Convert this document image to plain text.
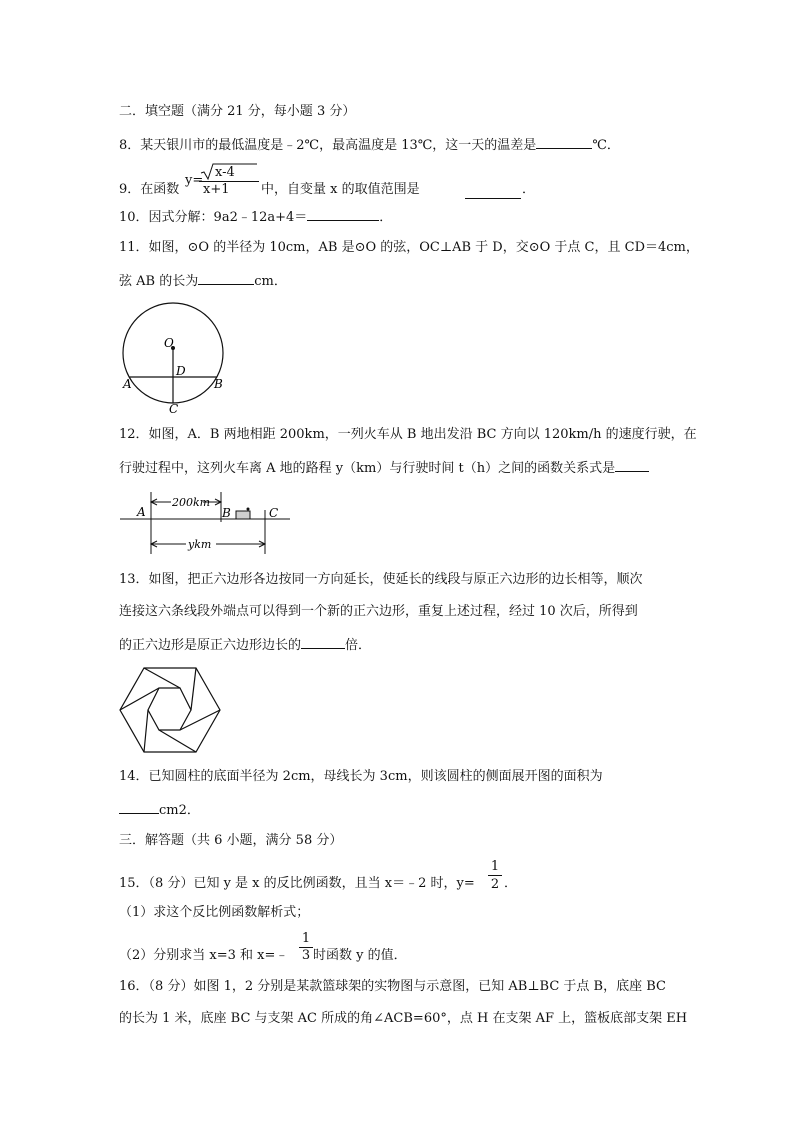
二．填空题（满分 21 分，每小题 3 分）
8．某天银川市的最低温度是﹣2℃，最高温度是 13℃，这一天的温差是	℃．
9．在函数
y=
x-4
x+1 中，自变量 x 的取值范围是	．
10．因式分解：9a2﹣12a+4＝	．
11．如图，⊙O 的半径为 10cm，AB 是⊙O 的弦，OC⊥AB 于 D，交⊙O 于点 C，且 CD＝4cm，
弦 AB 的长为	cm．
O
D
A	B
C
12．如图，A．B 两地相距 200km，一列火车从 B 地出发沿 BC 方向以 120km/h 的速度行驶，在
行驶过程中，这列火车离 A 地的路程 y（km）与行驶时间 t（h）之间的函数关系式是
200km
ykm
A	B	C
13．如图，把正六边形各边按同一方向延长，使延长的线段与原正六边形的边长相等，顺次
连接这六条线段外端点可以得到一个新的正六边形，重复上述过程，经过 10 次后，所得到
的正六边形是原正六边形边长的	倍．
14．已知圆柱的底面半径为 2cm，母线长为 3cm，则该圆柱的侧面展开图的面积为
cm2．
三．解答题（共 6 小题，满分 58 分）
15．（8 分）已知 y 是 x 的反比例函数，且当 x＝﹣2 时，y=
1
2 ．
（1）求这个反比例函数解析式；
（2）分别求当 x=3 和 x=﹣
1
3 时函数 y 的值．
16．（8 分）如图 1，2 分别是某款篮球架的实物图与示意图，已知 AB⊥BC 于点 B，底座 BC
的长为 1 米，底座 BC 与支架 AC 所成的角∠ACB=60°，点 H 在支架 AF 上，篮板底部支架 EH
